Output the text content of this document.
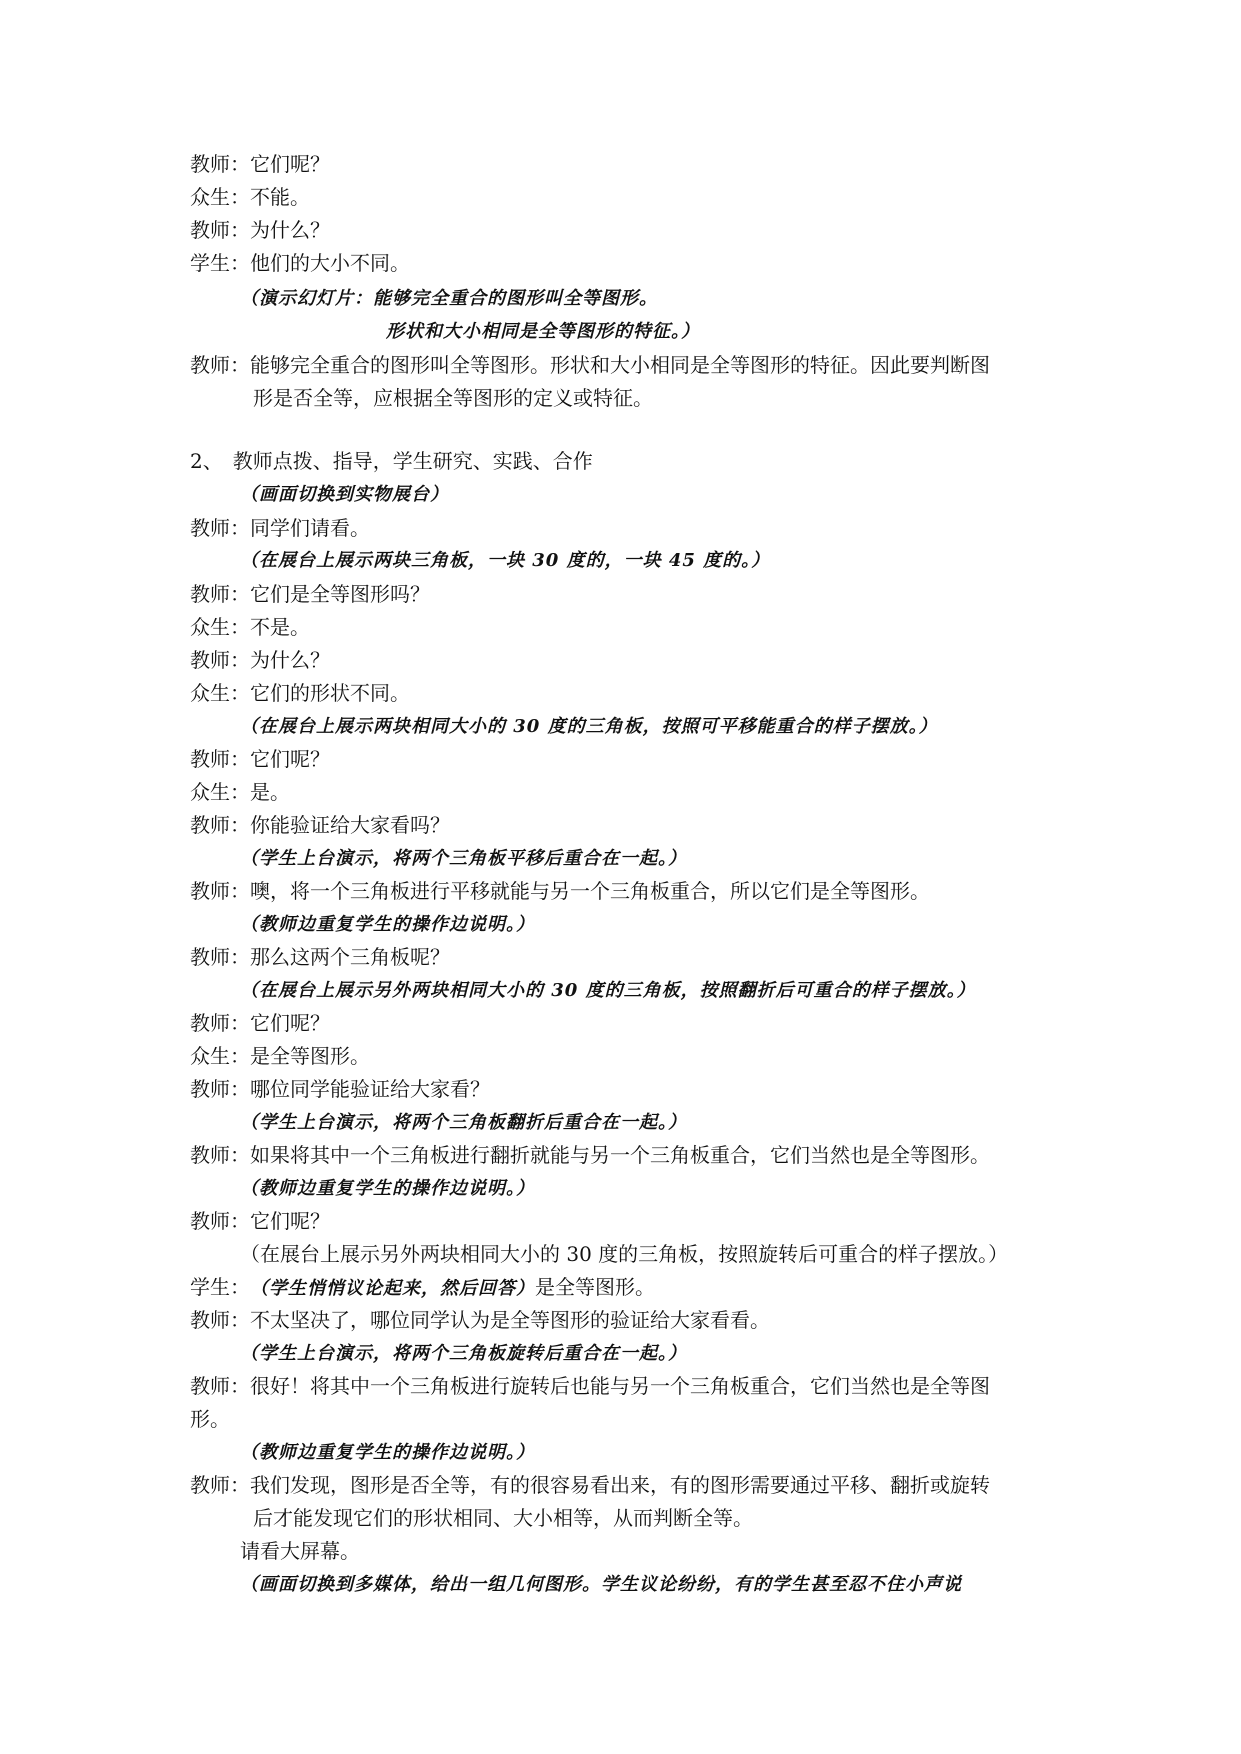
教师：它们呢？
众生：不能。
教师：为什么？
学生：他们的大小不同。
（演示幻灯片：能够完全重合的图形叫全等图形。
形状和大小相同是全等图形的特征。）
教师：能够完全重合的图形叫全等图形。形状和大小相同是全等图形的特征。因此要判断图
形是否全等，应根据全等图形的定义或特征。
2、　教师点拨、指导，学生研究、实践、合作
（画面切换到实物展台）
教师：同学们请看。
（在展台上展示两块三角板，一块 30 度的，一块 45 度的。）
教师：它们是全等图形吗？
众生：不是。
教师：为什么？
众生：它们的形状不同。
（在展台上展示两块相同大小的 30 度的三角板，按照可平移能重合的样子摆放。）
教师：它们呢？
众生：是。
教师：你能验证给大家看吗？
（学生上台演示，将两个三角板平移后重合在一起。）
教师：噢，将一个三角板进行平移就能与另一个三角板重合，所以它们是全等图形。
（教师边重复学生的操作边说明。）
教师：那么这两个三角板呢？
（在展台上展示另外两块相同大小的 30 度的三角板，按照翻折后可重合的样子摆放。）
教师：它们呢？
众生：是全等图形。
教师：哪位同学能验证给大家看？
（学生上台演示，将两个三角板翻折后重合在一起。）
教师：如果将其中一个三角板进行翻折就能与另一个三角板重合，它们当然也是全等图形。
（教师边重复学生的操作边说明。）
教师：它们呢？
（在展台上展示另外两块相同大小的 30 度的三角板，按照旋转后可重合的样子摆放。）
学生：（学生悄悄议论起来，然后回答）是全等图形。
教师：不太坚决了，哪位同学认为是全等图形的验证给大家看看。
（学生上台演示，将两个三角板旋转后重合在一起。）
教师：很好！将其中一个三角板进行旋转后也能与另一个三角板重合，它们当然也是全等图
形。
（教师边重复学生的操作边说明。）
教师：我们发现，图形是否全等，有的很容易看出来，有的图形需要通过平移、翻折或旋转
后才能发现它们的形状相同、大小相等，从而判断全等。
请看大屏幕。
（画面切换到多媒体，给出一组几何图形。学生议论纷纷，有的学生甚至忍不住小声说
